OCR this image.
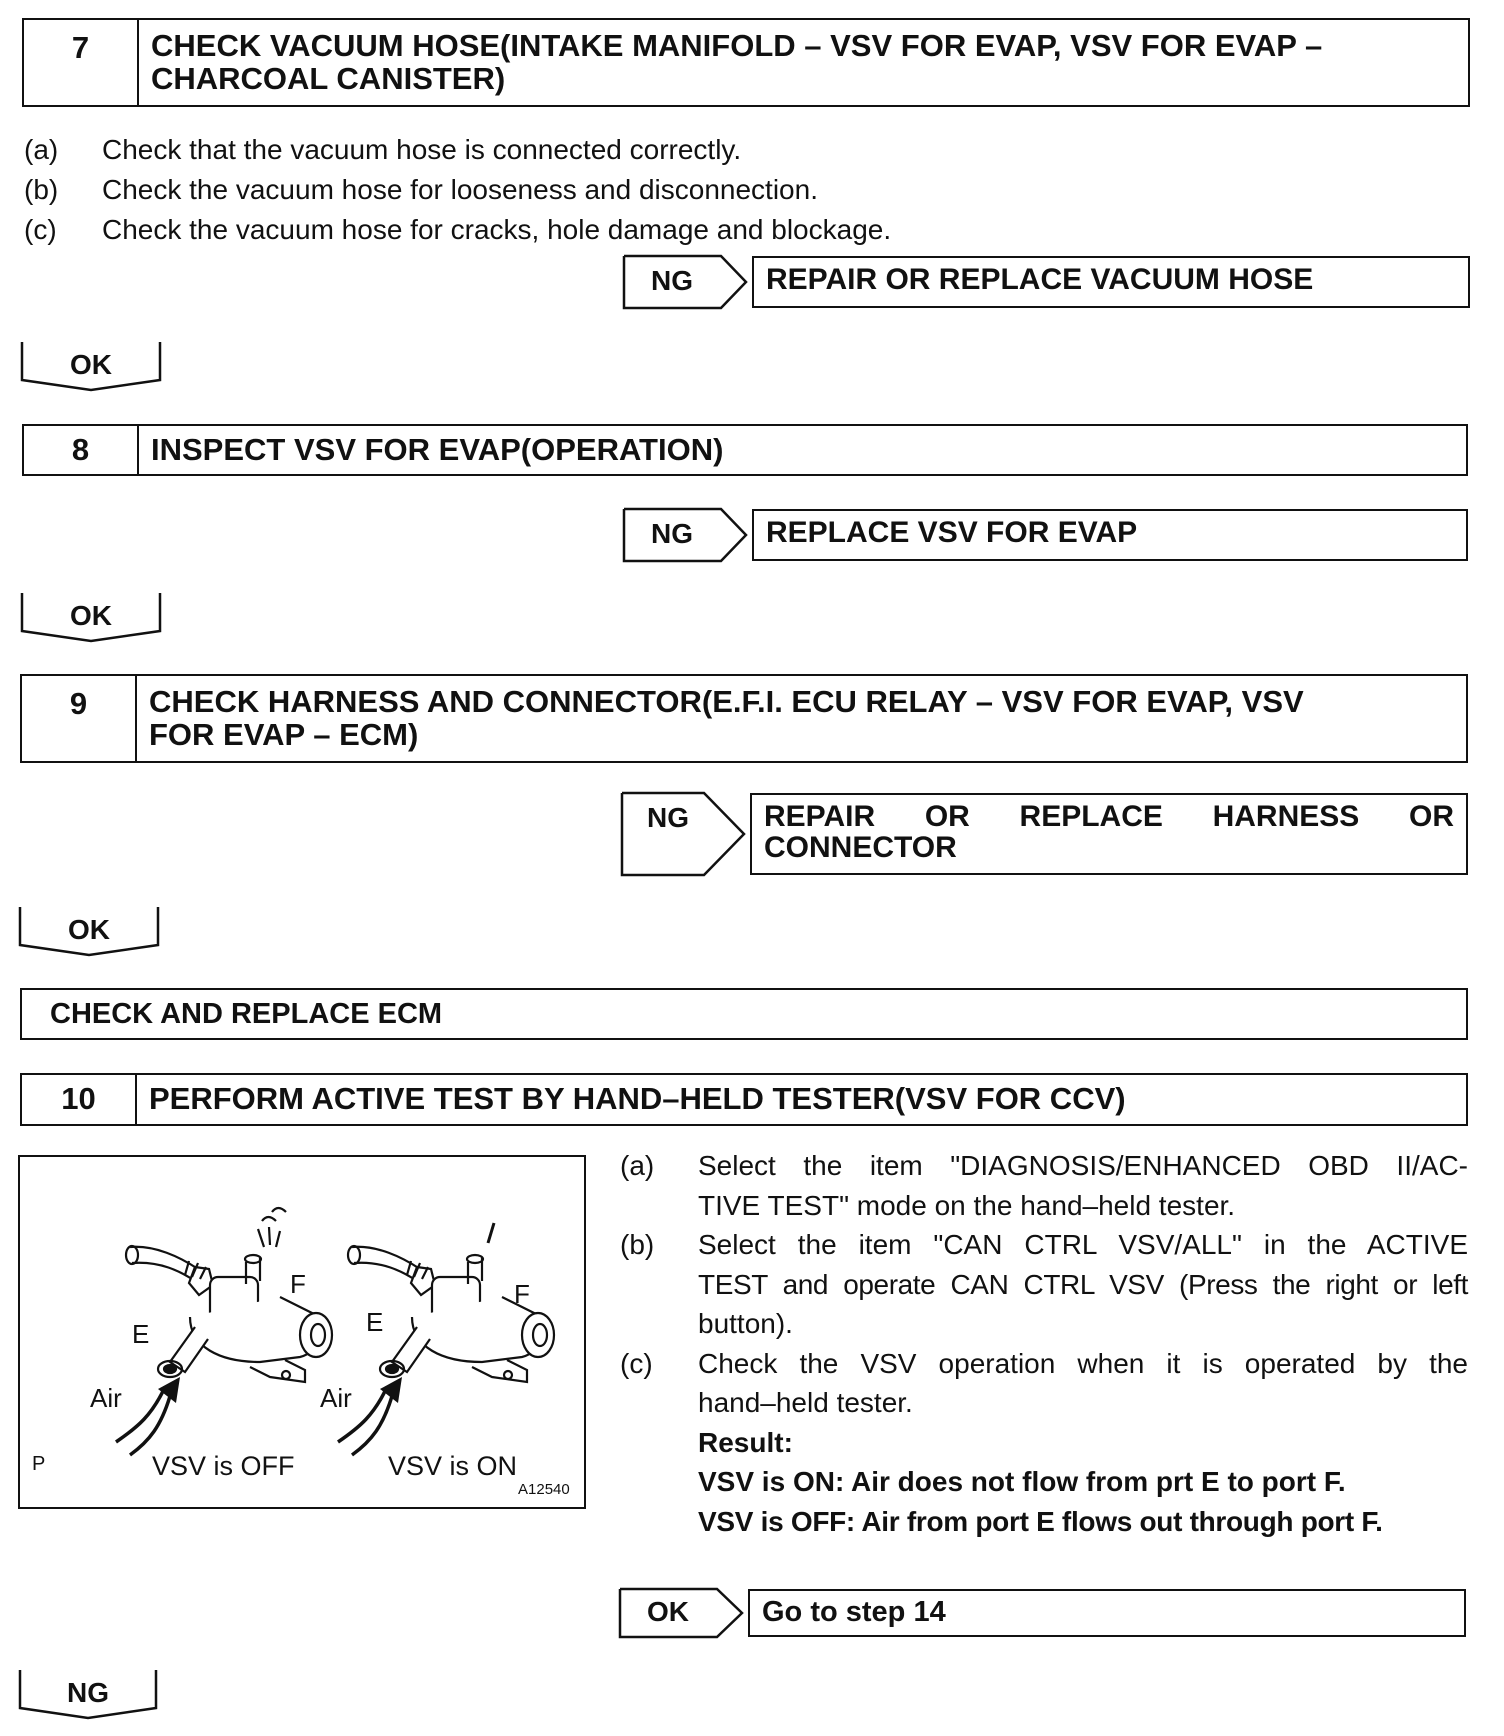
7	CHECK VACUUM HOSE(INTAKE MANIFOLD – VSV FOR EVAP, VSV FOR EVAP –
CHARCOAL CANISTER)
(a)	Check that the vacuum hose is connected correctly.
(b)	Check the vacuum hose for looseness and disconnection.
(c)	Check the vacuum hose for cracks, hole damage and blockage.
NG	REPAIR OR REPLACE VACUUM HOSE
OK
8	INSPECT VSV FOR EVAP(OPERATION)
NG	REPLACE VSV FOR EVAP
OK
9	CHECK HARNESS AND CONNECTOR(E.F.I. ECU RELAY – VSV FOR EVAP, VSV
FOR EVAP – ECM)
NG	REPAIR OR REPLACE HARNESS OR
CONNECTOR
OK
CHECK AND REPLACE ECM
10	PERFORM ACTIVE TEST BY HAND–HELD TESTER(VSV FOR CCV)
F
E
Air
VSV is OFF
F
E
Air
VSV is ON
P
A12540
(a)	Select the item "DIAGNOSIS/ENHANCED OBD II/AC-
TIVE TEST" mode on the hand–held tester.
(b)	Select the item "CAN CTRL VSV/ALL" in the ACTIVE
TEST and operate CAN CTRL VSV (Press the right or left
button).
(c)	Check the VSV operation when it is operated by the
hand–held tester.
Result:
VSV is ON: Air does not flow from prt E to port F.
VSV is OFF: Air from port E flows out through port F.
OK	Go to step 14
NG
